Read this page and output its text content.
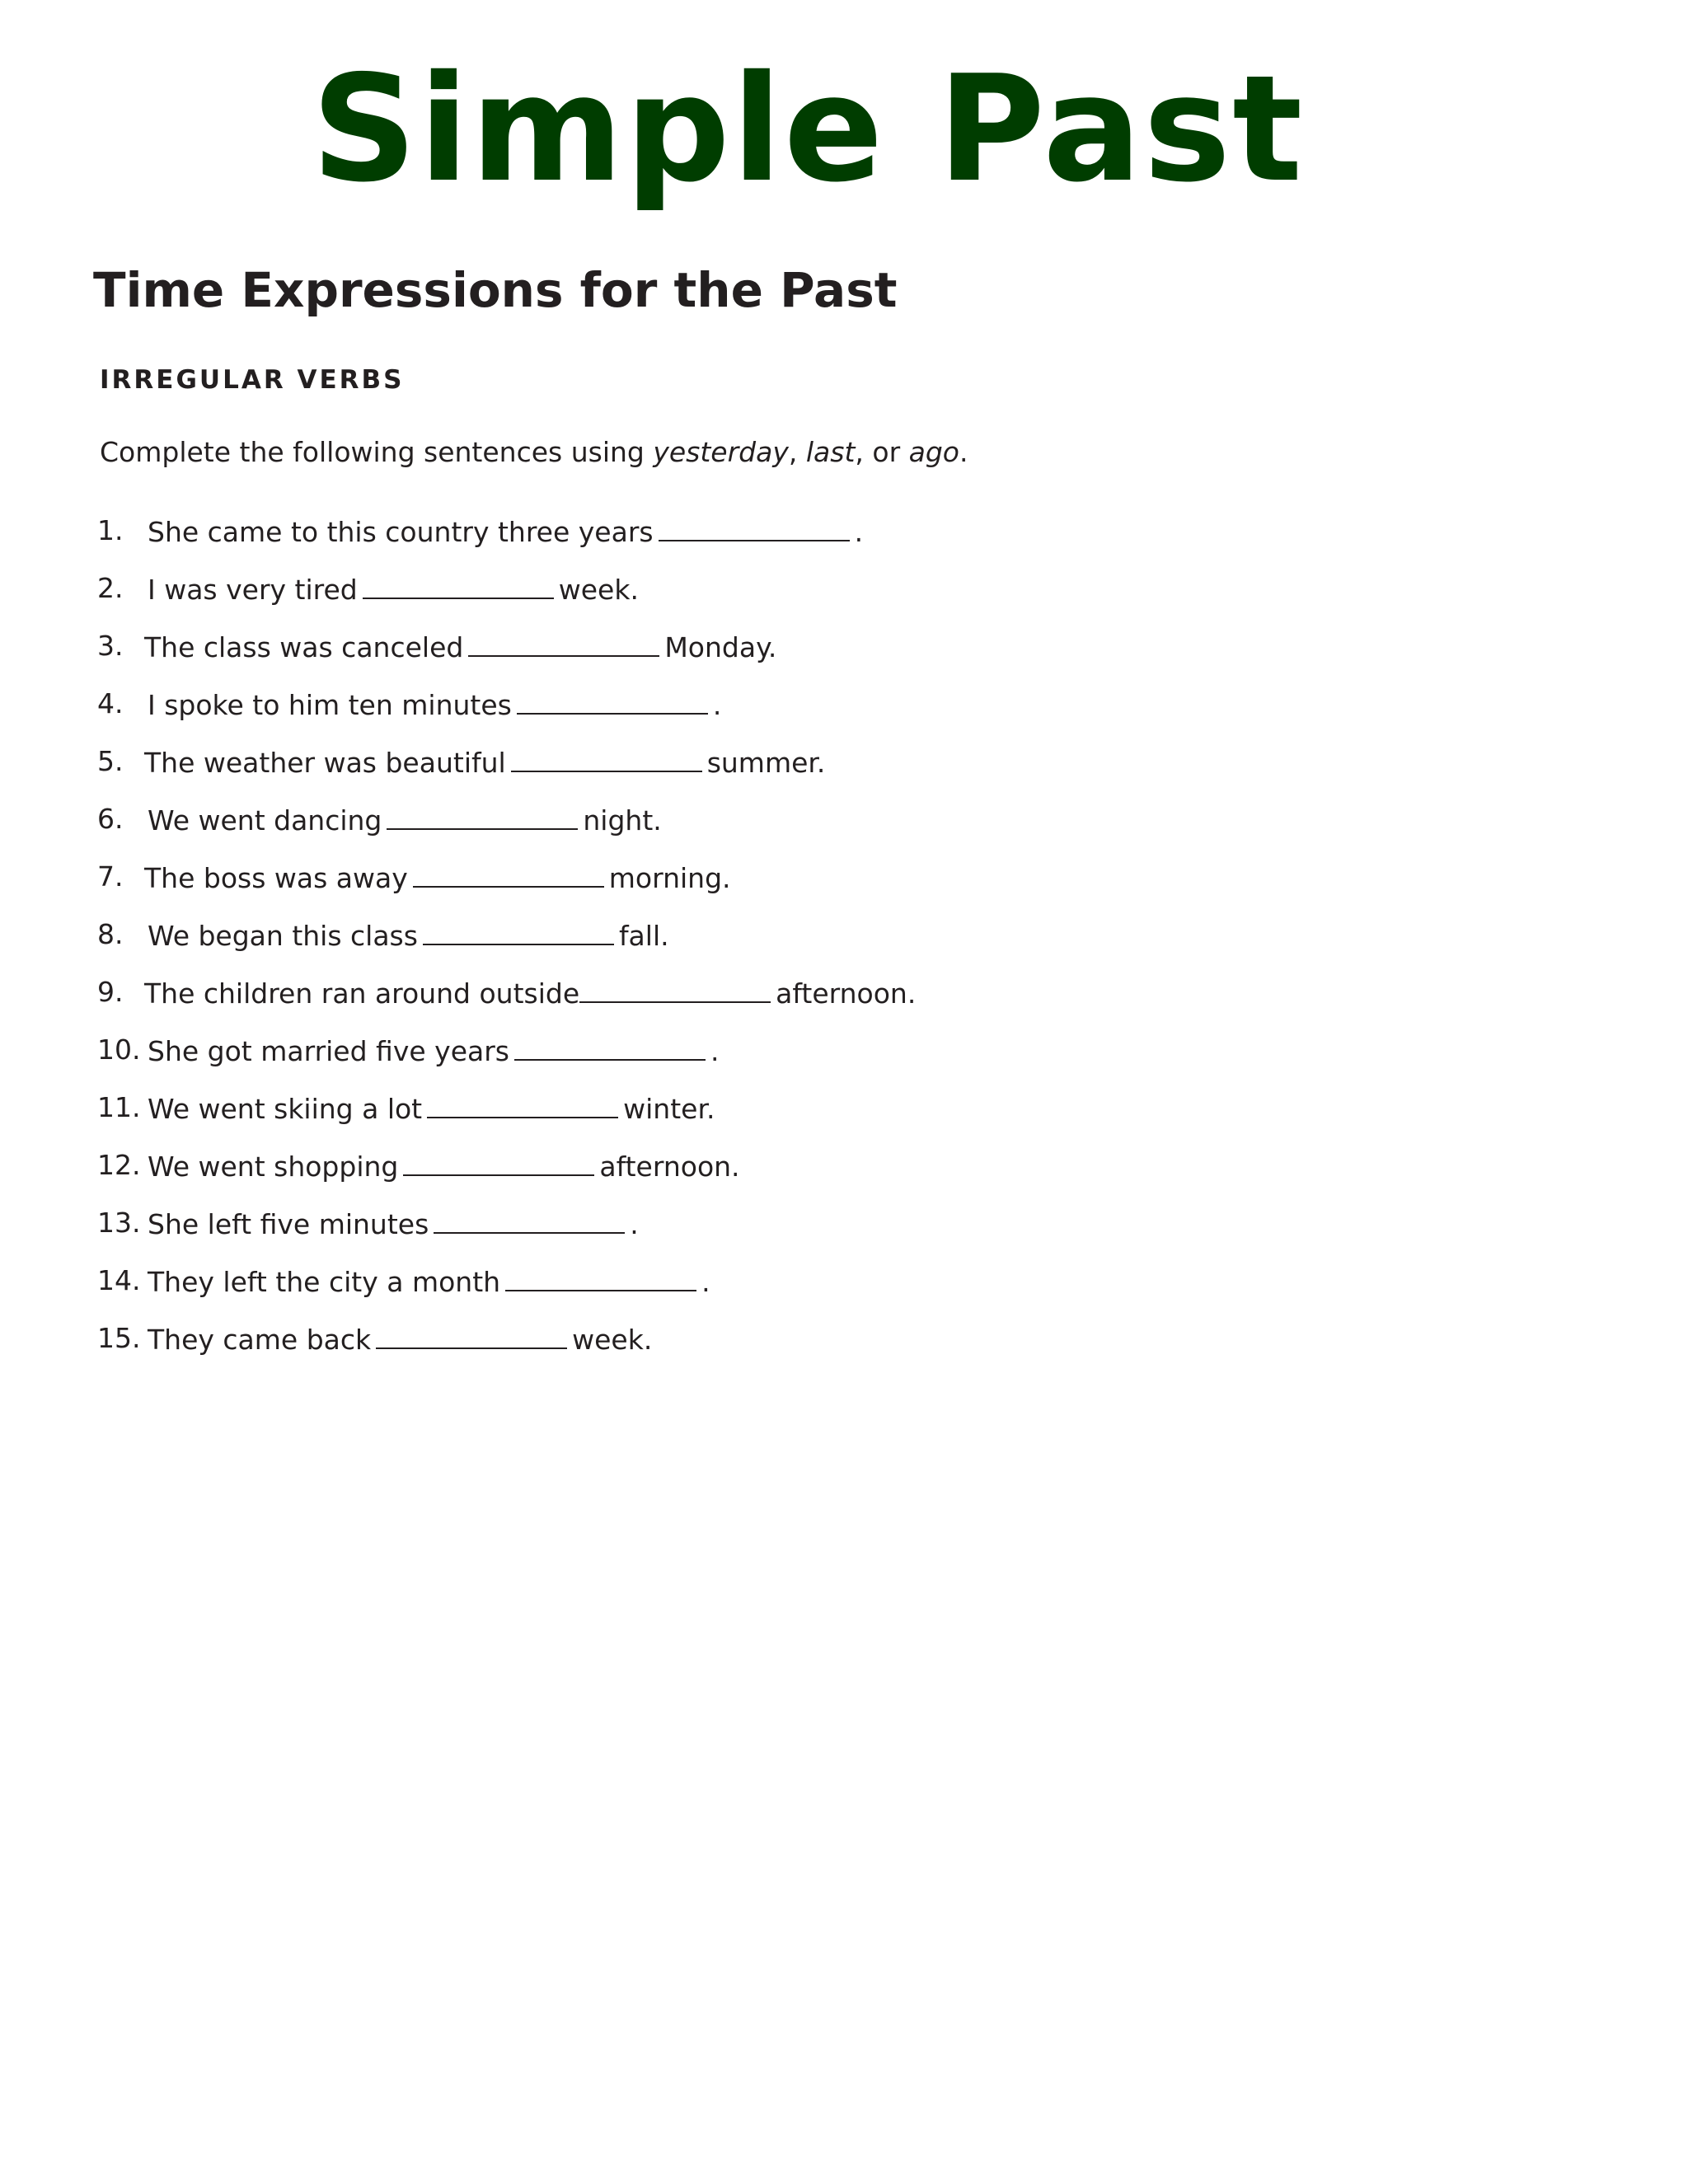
Simple Past
Time Expressions for the Past
IRREGULAR VERBS
Complete the following sentences using yesterday, last, or ago.
1. She came to this country three years	.
2. I was very tired	week.
3. The class was canceled	Monday.
4. I spoke to him ten minutes	.
5. The weather was beautiful	summer.
6. We went dancing	night.
7. The boss was away	morning.
8. We began this class	fall.
9. The children ran around outside	afternoon.
10. She got married five years	.
11. We went skiing a lot	winter.
12. We went shopping	afternoon.
13. She left five minutes	.
14. They left the city a month	.
15. They came back	week.
